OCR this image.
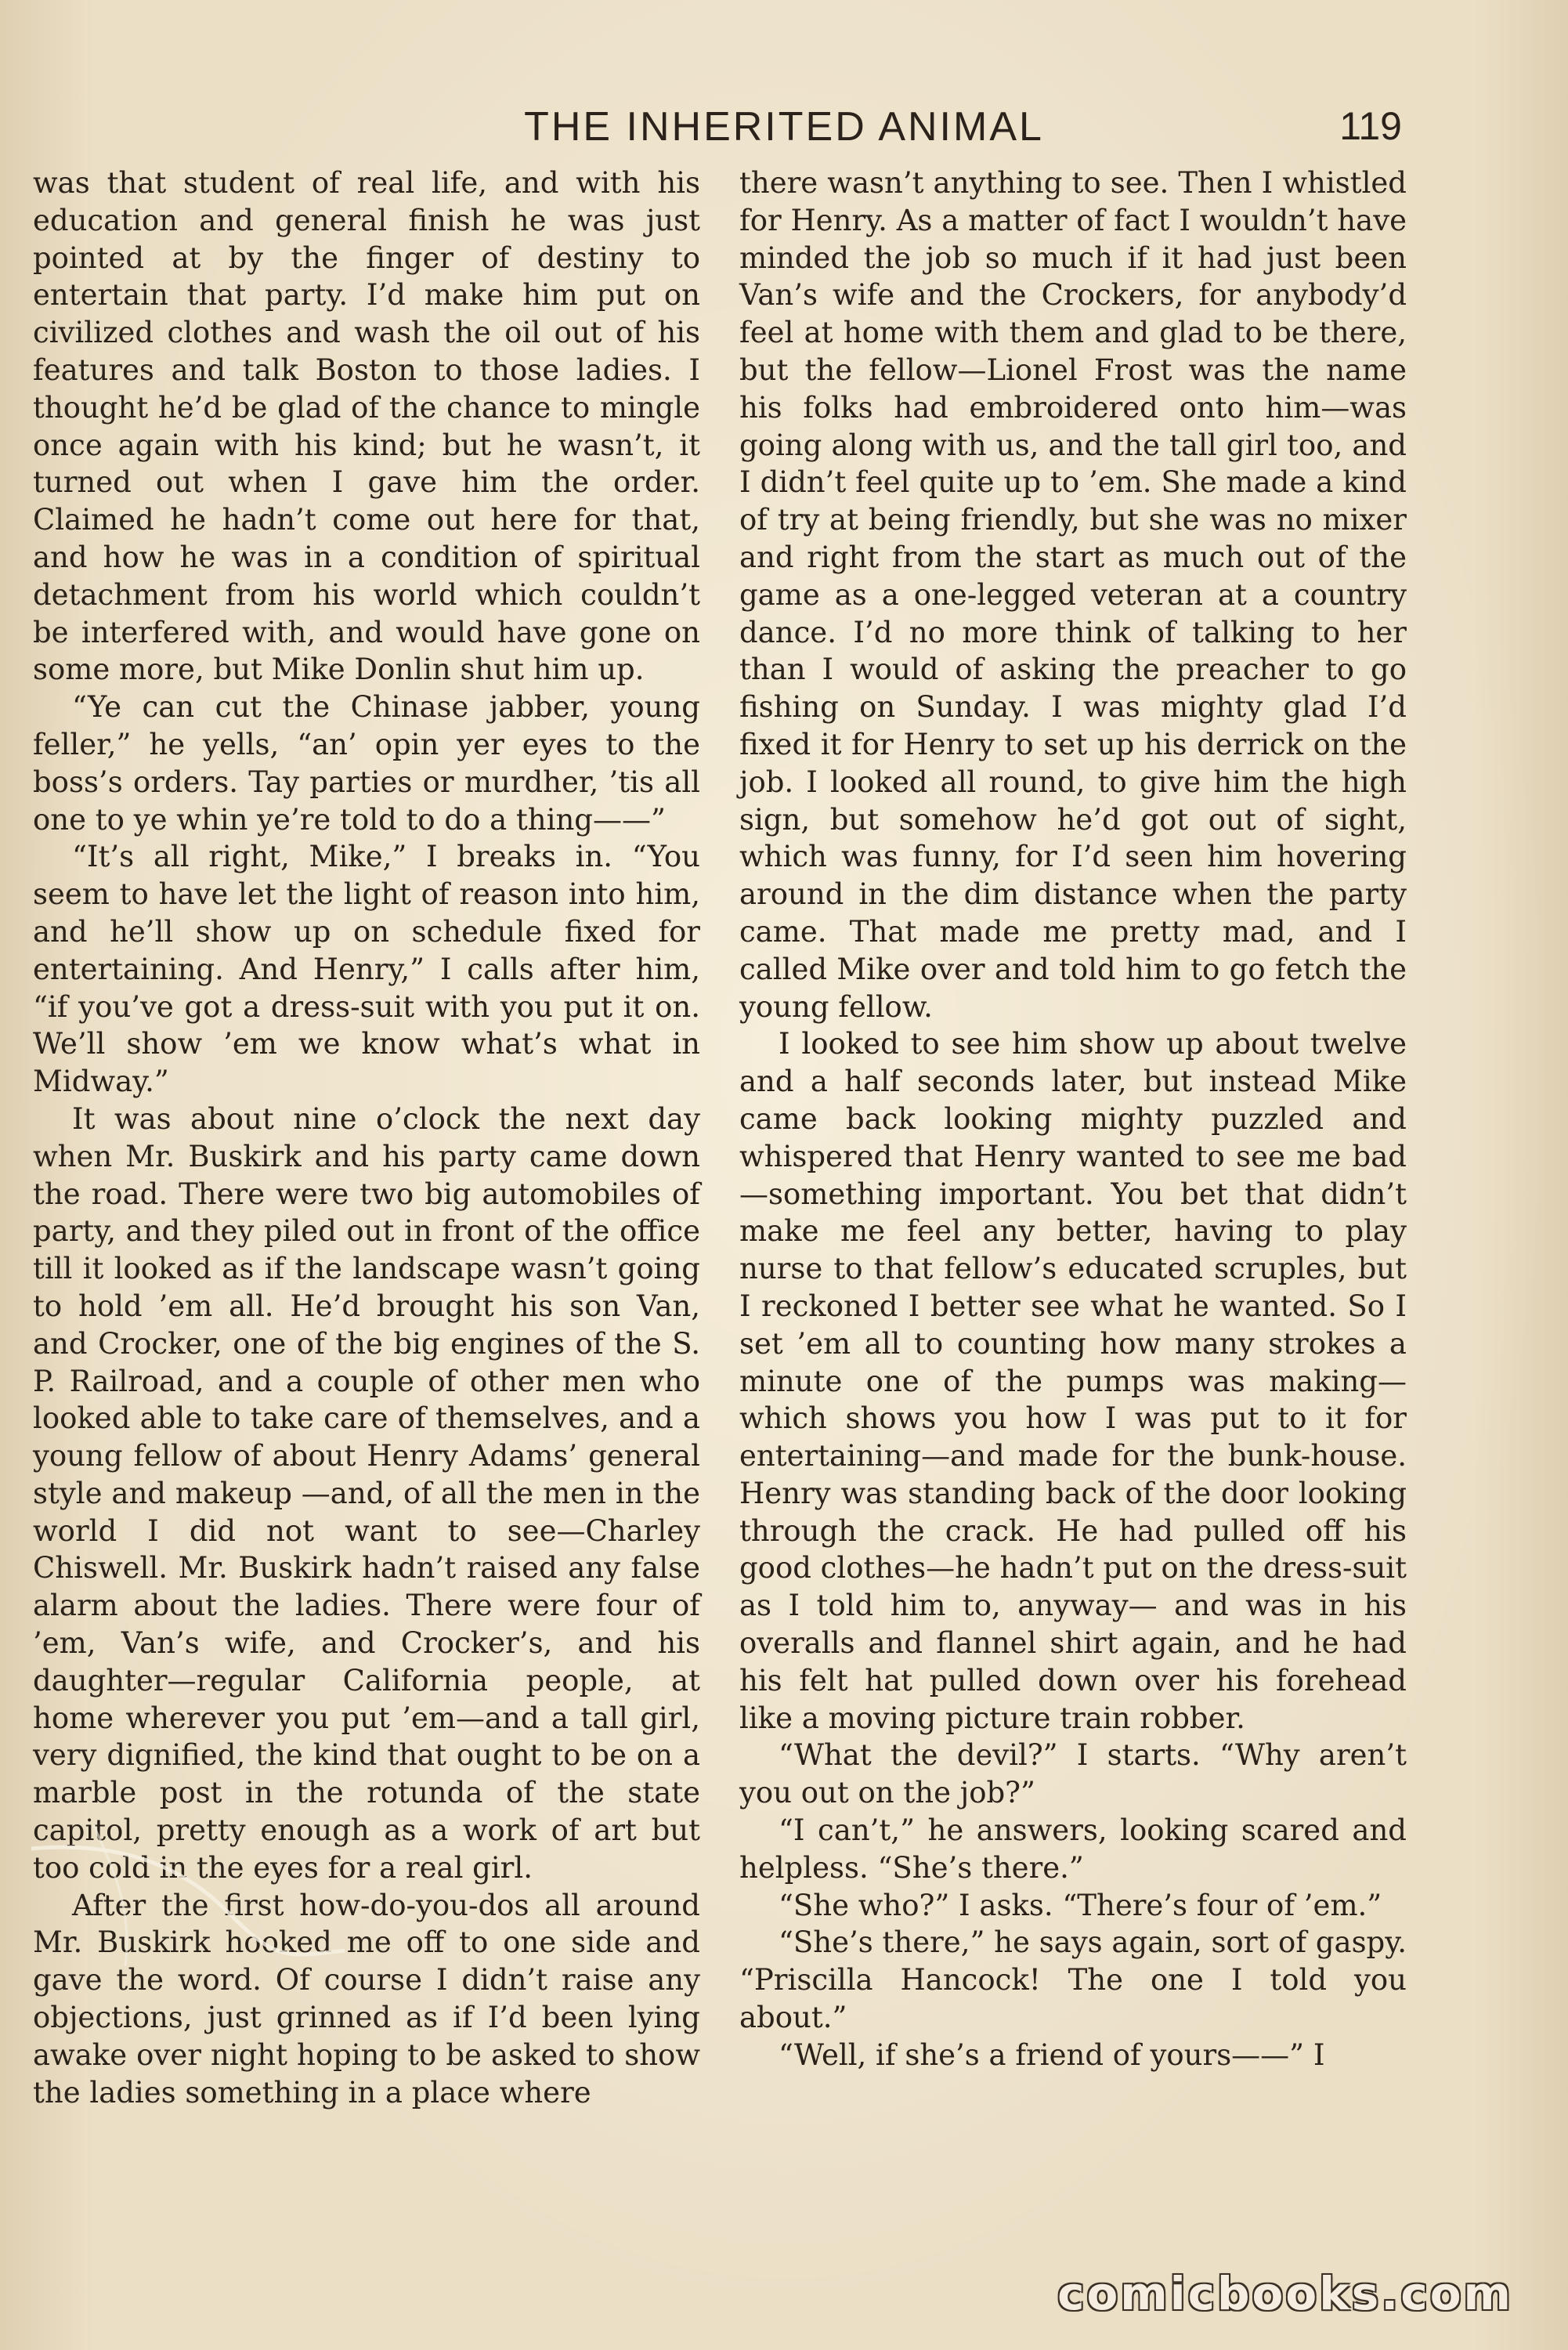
THE INHERITED ANIMAL	119

was that student of real life, and with his education and general finish he was just pointed at by the finger of destiny to entertain that party. I’d make him put on civilized clothes and wash the oil out of his features and talk Boston to those ladies. I thought he’d be glad of the chance to mingle once again with his kind; but he wasn’t, it turned out when I gave him the order. Claimed he hadn’t come out here for that, and how he was in a condition of spiritual detachment from his world which couldn’t be interfered with, and would have gone on some more, but Mike Donlin shut him up.

“Ye can cut the Chinase jabber, young feller,” he yells, “an’ opin yer eyes to the boss’s orders. Tay parties or murdher, ’tis all one to ye whin ye’re told to do a thing——”

“It’s all right, Mike,” I breaks in. “You seem to have let the light of reason into him, and he’ll show up on schedule fixed for entertaining. And Henry,” I calls after him, “if you’ve got a dress-suit with you put it on. We’ll show ’em we know what’s what in Midway.”

It was about nine o’clock the next day when Mr. Buskirk and his party came down the road. There were two big automobiles of party, and they piled out in front of the office till it looked as if the landscape wasn’t going to hold ’em all. He’d brought his son Van, and Crocker, one of the big engines of the S. P. Railroad, and a couple of other men who looked able to take care of themselves, and a young fellow of about Henry Adams’ general style and makeup —and, of all the men in the world I did not want to see—Charley Chiswell. Mr. Buskirk hadn’t raised any false alarm about the ladies. There were four of ’em, Van’s wife, and Crocker’s, and his daughter—regular California people, at home wherever you put ’em—and a tall girl, very dignified, the kind that ought to be on a marble post in the rotunda of the state capitol, pretty enough as a work of art but too cold in the eyes for a real girl.

After the first how-do-you-dos all around Mr. Buskirk hooked me off to one side and gave the word. Of course I didn’t raise any objections, just grinned as if I’d been lying awake over night hoping to be asked to show the ladies something in a place where

there wasn’t anything to see. Then I whistled for Henry. As a matter of fact I wouldn’t have minded the job so much if it had just been Van’s wife and the Crockers, for anybody’d feel at home with them and glad to be there, but the fellow—Lionel Frost was the name his folks had embroidered onto him—was going along with us, and the tall girl too, and I didn’t feel quite up to ’em. She made a kind of try at being friendly, but she was no mixer and right from the start as much out of the game as a one-legged veteran at a country dance. I’d no more think of talking to her than I would of asking the preacher to go fishing on Sunday. I was mighty glad I’d fixed it for Henry to set up his derrick on the job. I looked all round, to give him the high sign, but somehow he’d got out of sight, which was funny, for I’d seen him hovering around in the dim distance when the party came. That made me pretty mad, and I called Mike over and told him to go fetch the young fellow.

I looked to see him show up about twelve and a half seconds later, but instead Mike came back looking mighty puzzled and whispered that Henry wanted to see me bad—something important. You bet that didn’t make me feel any better, having to play nurse to that fellow’s educated scruples, but I reckoned I better see what he wanted. So I set ’em all to counting how many strokes a minute one of the pumps was making—which shows you how I was put to it for entertaining—and made for the bunk-house. Henry was standing back of the door looking through the crack. He had pulled off his good clothes—he hadn’t put on the dress-suit as I told him to, anyway— and was in his overalls and flannel shirt again, and he had his felt hat pulled down over his forehead like a moving picture train robber.

“What the devil?” I starts. “Why aren’t you out on the job?”

“I can’t,” he answers, looking scared and helpless. “She’s there.”

“She who?” I asks. “There’s four of ’em.”

“She’s there,” he says again, sort of gaspy. “Priscilla Hancock! The one I told you about.”

“Well, if she’s a friend of yours——” I

comicbooks.com
